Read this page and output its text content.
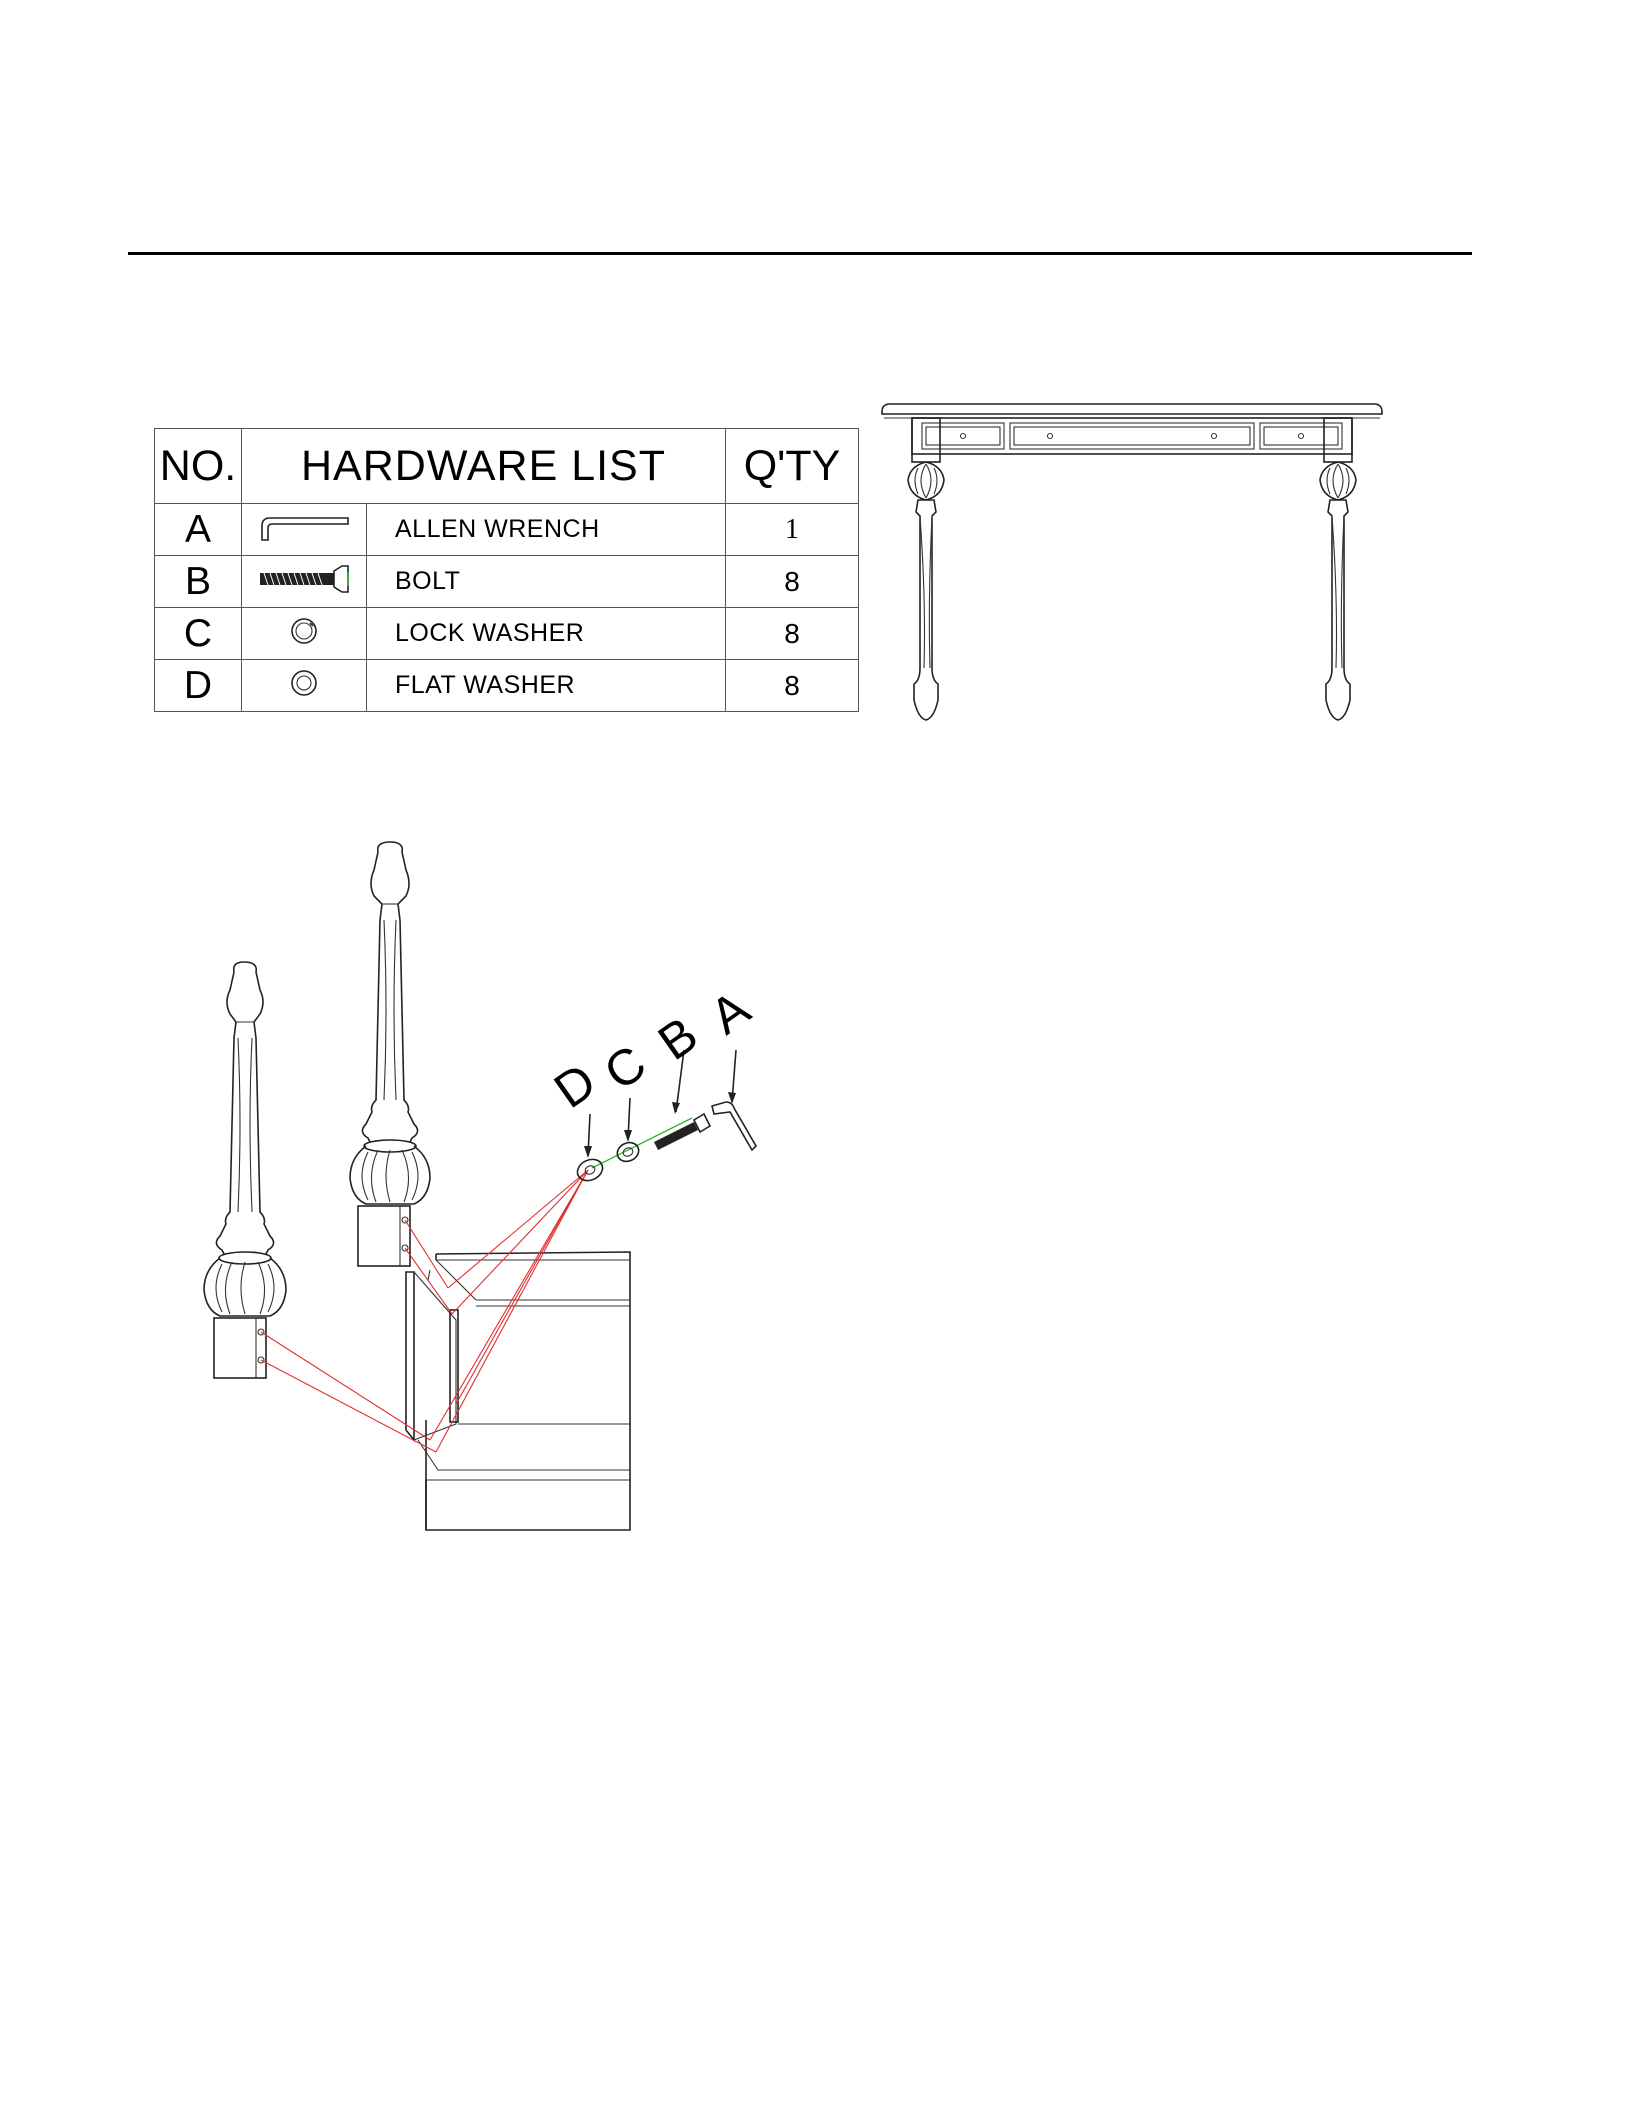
NO.	HARDWARE LIST		Q'TY
A		ALLEN WRENCH	1
B		BOLT	8
C		LOCK WASHER	8
D		FLAT WASHER	8
D
C
B
A
